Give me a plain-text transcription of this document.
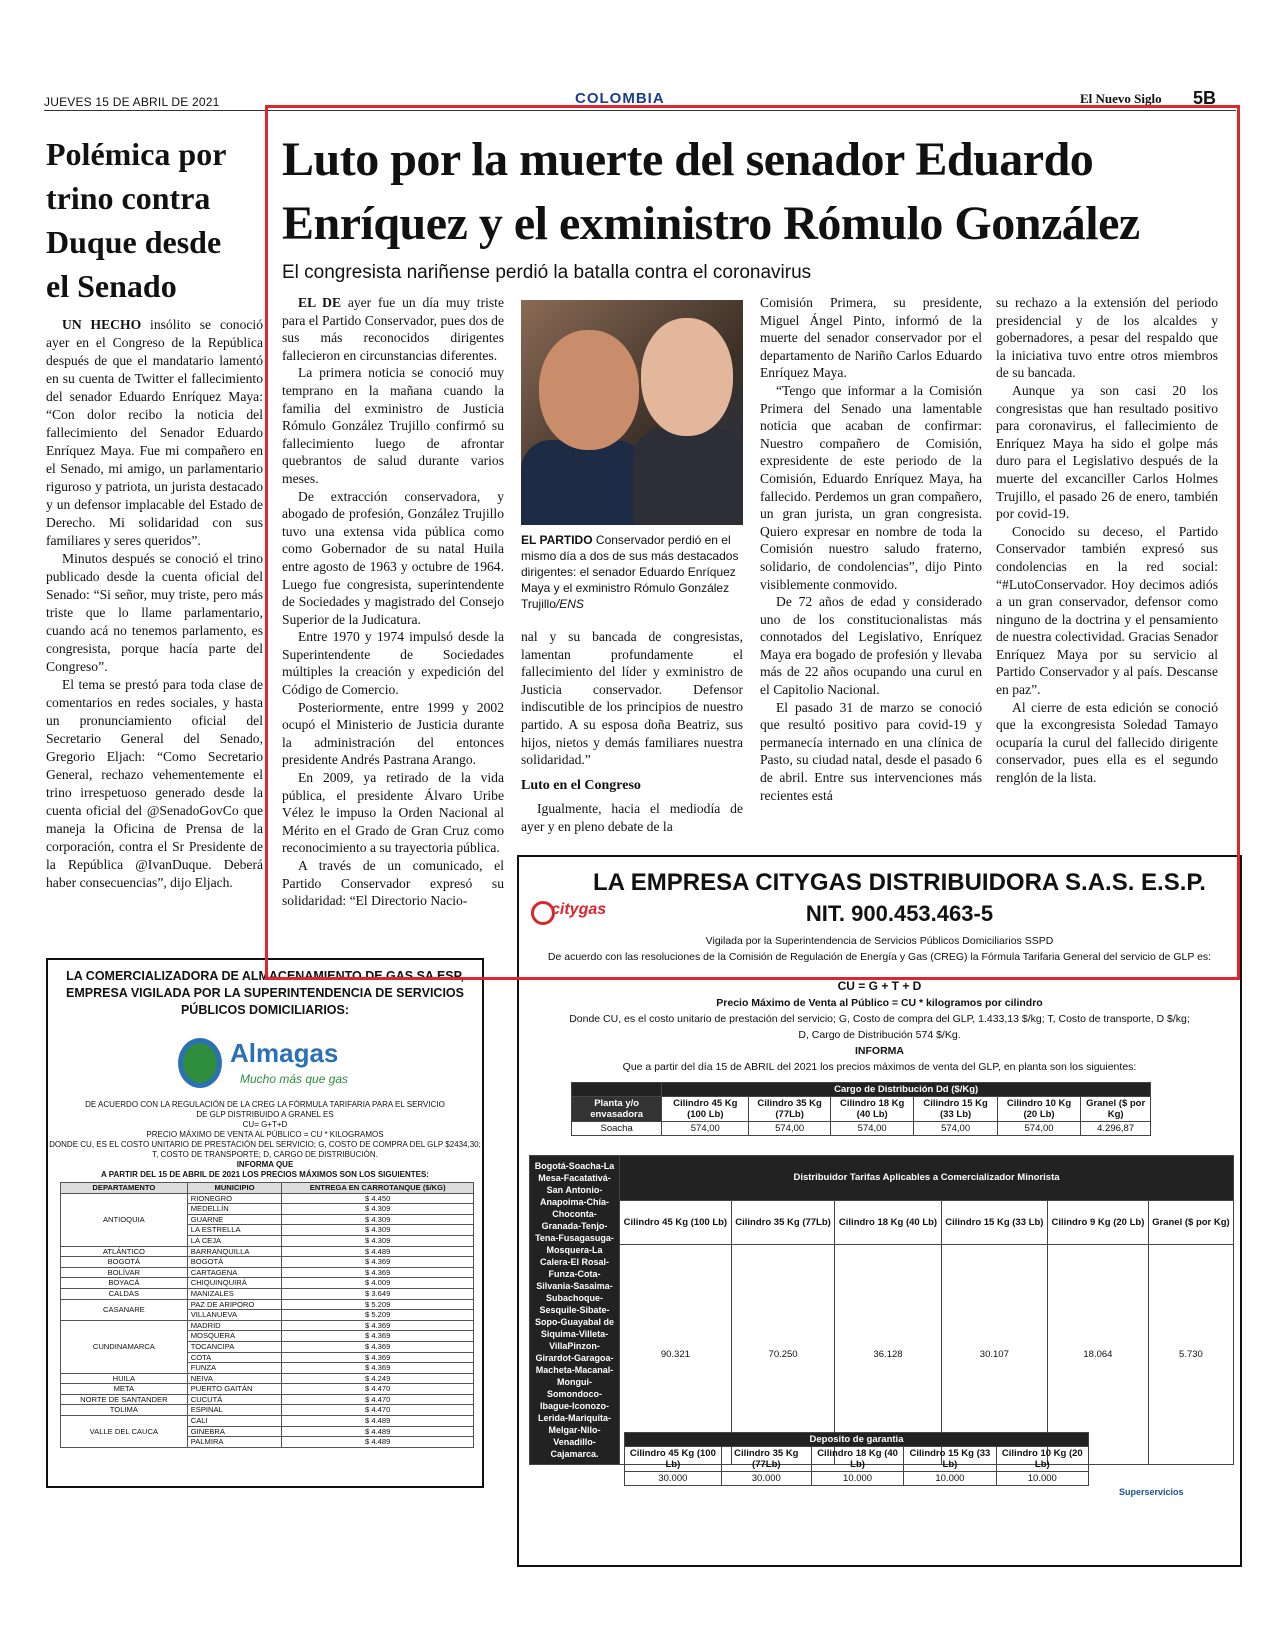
JUEVES 15 DE ABRIL DE 2021	COLOMBIA	El Nuevo Siglo 5B
Polémica por trino contra Duque desde el Senado

UN HECHO insólito se conoció ayer en el Congreso de la República después de que el mandatario lamentó en su cuenta de Twitter el fallecimiento del senador Eduardo Enríquez Maya: “Con dolor recibo la noticia del fallecimiento del Senador Eduardo Enríquez Maya. Fue mi compañero en el Senado, mi amigo, un parlamentario riguroso y patriota, un jurista destacado y un defensor implacable del Estado de Derecho. Mi solidaridad con sus familiares y seres queridos”.

Minutos después se conoció el trino publicado desde la cuenta oficial del Senado: “Si señor, muy triste, pero más triste que lo llame parlamentario, cuando acá no tenemos parlamento, es congresista, porque hacía parte del Congreso”.

El tema se prestó para toda clase de comentarios en redes sociales, y hasta un pronunciamiento oficial del Secretario General del Senado, Gregorio Eljach: “Como Secretario General, rechazo vehementemente el trino irrespetuoso generado desde la cuenta oficial del @SenadoGovCo que maneja la Oficina de Prensa de la corporación, contra el Sr Presidente de la República @IvanDuque. Deberá haber consecuencias”, dijo Eljach.

Luto por la muerte del senador Eduardo Enríquez y el exministro Rómulo González
El congresista nariñense perdió la batalla contra el coronavirus

EL DE ayer fue un día muy triste para el Partido Conservador, pues dos de sus más reconocidos dirigentes fallecieron en circunstancias diferentes.

La primera noticia se conoció muy temprano en la mañana cuando la familia del exministro de Justicia Rómulo González Trujillo confirmó su fallecimiento luego de afrontar quebrantos de salud durante varios meses.

De extracción conservadora, y abogado de profesión, González Trujillo tuvo una extensa vida pública como como Gobernador de su natal Huila entre agosto de 1963 y octubre de 1964. Luego fue congresista, superintendente de Sociedades y magistrado del Consejo Superior de la Judicatura.

Entre 1970 y 1974 impulsó desde la Superintendente de Sociedades múltiples la creación y expedición del Código de Comercio.

Posteriormente, entre 1999 y 2002 ocupó el Ministerio de Justicia durante la administración del entonces presidente Andrés Pastrana Arango.

En 2009, ya retirado de la vida pública, el presidente Álvaro Uribe Vélez le impuso la Orden Nacional al Mérito en el Grado de Gran Cruz como reconocimiento a su trayectoria pública.

A través de un comunicado, el Partido Conservador expresó su solidaridad: “El Directorio Nacio-

EL PARTIDO Conservador perdió en el mismo día a dos de sus más destacados dirigentes: el senador Eduardo Enríquez Maya y el exministro Rómulo González Trujillo/ENS

nal y su bancada de congresistas, lamentan profundamente el fallecimiento del líder y exministro de Justicia conservador. Defensor indiscutible de los principios de nuestro partido. A su esposa doña Beatriz, sus hijos, nietos y demás familiares nuestra solidaridad.”

Luto en el Congreso

Igualmente, hacia el mediodía de ayer y en pleno debate de la

Comisión Primera, su presidente, Miguel Ángel Pinto, informó de la muerte del senador conservador por el departamento de Nariño Carlos Eduardo Enríquez Maya.

“Tengo que informar a la Comisión Primera del Senado una lamentable noticia que acaban de confirmar: Nuestro compañero de Comisión, expresidente de este periodo de la Comisión, Eduardo Enríquez Maya, ha fallecido. Perdemos un gran compañero, un gran jurista, un gran congresista. Quiero expresar en nombre de toda la Comisión nuestro saludo fraterno, solidario, de condolencias”, dijo Pinto visiblemente conmovido.

De 72 años de edad y considerado uno de los constitucionalistas más connotados del Legislativo, Enríquez Maya era bogado de profesión y llevaba más de 22 años ocupando una curul en el Capitolio Nacional.

El pasado 31 de marzo se conoció que resultó positivo para covid-19 y permanecía internado en una clínica de Pasto, su ciudad natal, desde el pasado 6 de abril. Entre sus intervenciones más recientes está

su rechazo a la extensión del periodo presidencial y de los alcaldes y gobernadores, a pesar del respaldo que la iniciativa tuvo entre otros miembros de su bancada.

Aunque ya son casi 20 los congresistas que han resultado positivo para coronavirus, el fallecimiento de Enríquez Maya ha sido el golpe más duro para el Legislativo después de la muerte del excanciller Carlos Holmes Trujillo, el pasado 26 de enero, también por covid-19.

Conocido su deceso, el Partido Conservador también expresó sus condolencias en la red social: “#LutoConservador. Hoy decimos adiós a un gran conservador, defensor como ninguno de la doctrina y el pensamiento de nuestra colectividad. Gracias Senador Enríquez Maya por su servicio al Partido Conservador y al país. Descanse en paz”.

Al cierre de esta edición se conoció que la excongresista Soledad Tamayo ocuparía la curul del fallecido dirigente conservador, pues ella es el segundo renglón de la lista.

citygas
LA EMPRESA CITYGAS DISTRIBUIDORA S.A.S. E.S.P.
NIT. 900.453.463-5
Vigilada por la Superintendencia de Servicios Públicos Domiciliarios SSPD
De acuerdo con las resoluciones de la Comisión de Regulación de Energía y Gas (CREG) la Fórmula Tarifaria General del servicio de GLP es:
CU = G + T + D
Precio Máximo de Venta al Público = CU * kilogramos por cilindro
Donde CU, es el costo unitario de prestación del servicio; G, Costo de compra del GLP, 1.433,13 $/kg; T, Costo de transporte, D $/kg;
D, Cargo de Distribución 574 $/Kg.
INFORMA
Que a partir del día 15 de ABRIL del 2021 los precios máximos de venta del GLP, en planta son los siguientes:
	Cargo de Distribución Dd ($/Kg)					
Planta y/o envasadora	Cilindro 45 Kg (100 Lb)	Cilindro 35 Kg (77Lb)	Cilindro 18 Kg (40 Lb)	Cilindro 15 Kg (33 Lb)	Cilindro 10 Kg (20 Lb)	Granel ($ por Kg)
Soacha	574,00	574,00	574,00	574,00	574,00	4.296,87
Bogotá-Soacha-La Mesa-Facatativá-San Antonio-Anapoima-Chía-Choconta-Granada-Tenjo-Tena-Fusagasuga-Mosquera-La Calera-El Rosal-Funza-Cota-Silvania-Sasaima-Subachoque-Sesquile-Sibate-Sopo-Guayabal de Siquima-Villeta-VillaPinzon-Girardot-Garagoa-Macheta-Macanal-Mongui-Somondoco-Ibague-Iconozo-Lerida-Mariquita-Melgar-Nilo-Venadillo-Cajamarca.	Distribuidor Tarifas Aplicables a Comercializador Minorista					
	Cilindro 45 Kg (100 Lb)	Cilindro 35 Kg (77Lb)	Cilindro 18 Kg (40 Lb)	Cilindro 15 Kg (33 Lb)	Cilindro 9 Kg (20 Lb)	Granel ($ por Kg)
	90.321	70.250	36.128	30.107	18.064	5.730
Deposito de garantia				
Cilindro 45 Kg (100 Lb)	Cilindro 35 Kg (77Lb)	Cilindro 18 Kg (40 Lb)	Cilindro 15 Kg (33 Lb)	Cilindro 10 Kg (20 Lb)
30.000	30.000	10.000	10.000	10.000
Superservicios
LA COMERCIALIZADORA DE ALMACENAMIENTO DE GAS SA ESP, EMPRESA VIGILADA POR LA SUPERINTENDENCIA DE SERVICIOS PÚBLICOS DOMICILIARIOS:
Almagas
Mucho más que gas
DE ACUERDO CON LA REGULACIÓN DE LA CREG LA FÓRMULA TARIFARIA PARA EL SERVICIO
DE GLP DISTRIBUIDO A GRANEL ES
CU= G+T+D
PRECIO MÁXIMO DE VENTA AL PÚBLICO = CU * KILOGRAMOS
DONDE CU, ES EL COSTO UNITARIO DE PRESTACIÓN DEL SERVICIO; G, COSTO DE COMPRA DEL GLP $2434,30;
T, COSTO DE TRANSPORTE; D, CARGO DE DISTRIBUCIÓN.
INFORMA QUE
A PARTIR DEL 15 DE ABRIL DE 2021 LOS PRECIOS MÁXIMOS SON LOS SIGUIENTES:
DEPARTAMENTO	MUNICIPIO	ENTREGA EN CARROTANQUE ($/KG)
ANTIOQUIA	RIONEGRO	$ 4.450
	MEDELLÍN	$ 4.309
	GUARNE	$ 4.309
	LA ESTRELLA	$ 4.309
	LA CEJA	$ 4.309
ATLÁNTICO	BARRANQUILLA	$ 4.489
BOGOTÁ	BOGOTÁ	$ 4.369
BOLÍVAR	CARTAGENA	$ 4.369
BOYACÁ	CHIQUINQUIRÁ	$ 4.009
CALDAS	MANIZALES	$ 3.649
CASANARE	PAZ DE ARIPORO	$ 5.209
	VILLANUEVA	$ 5.209
CUNDINAMARCA	MADRID	$ 4.369
	MOSQUERA	$ 4.369
	TOCANCIPA	$ 4.369
	COTA	$ 4.369
	FUNZA	$ 4.369
HUILA	NEIVA	$ 4.249
META	PUERTO GAITÁN	$ 4.470
NORTE DE SANTANDER	CUCUTÁ	$ 4.470
TOLIMA	ESPINAL	$ 4.470
VALLE DEL CAUCA	CALI	$ 4.489
	GINEBRA	$ 4.489
	PALMIRA	$ 4.489
